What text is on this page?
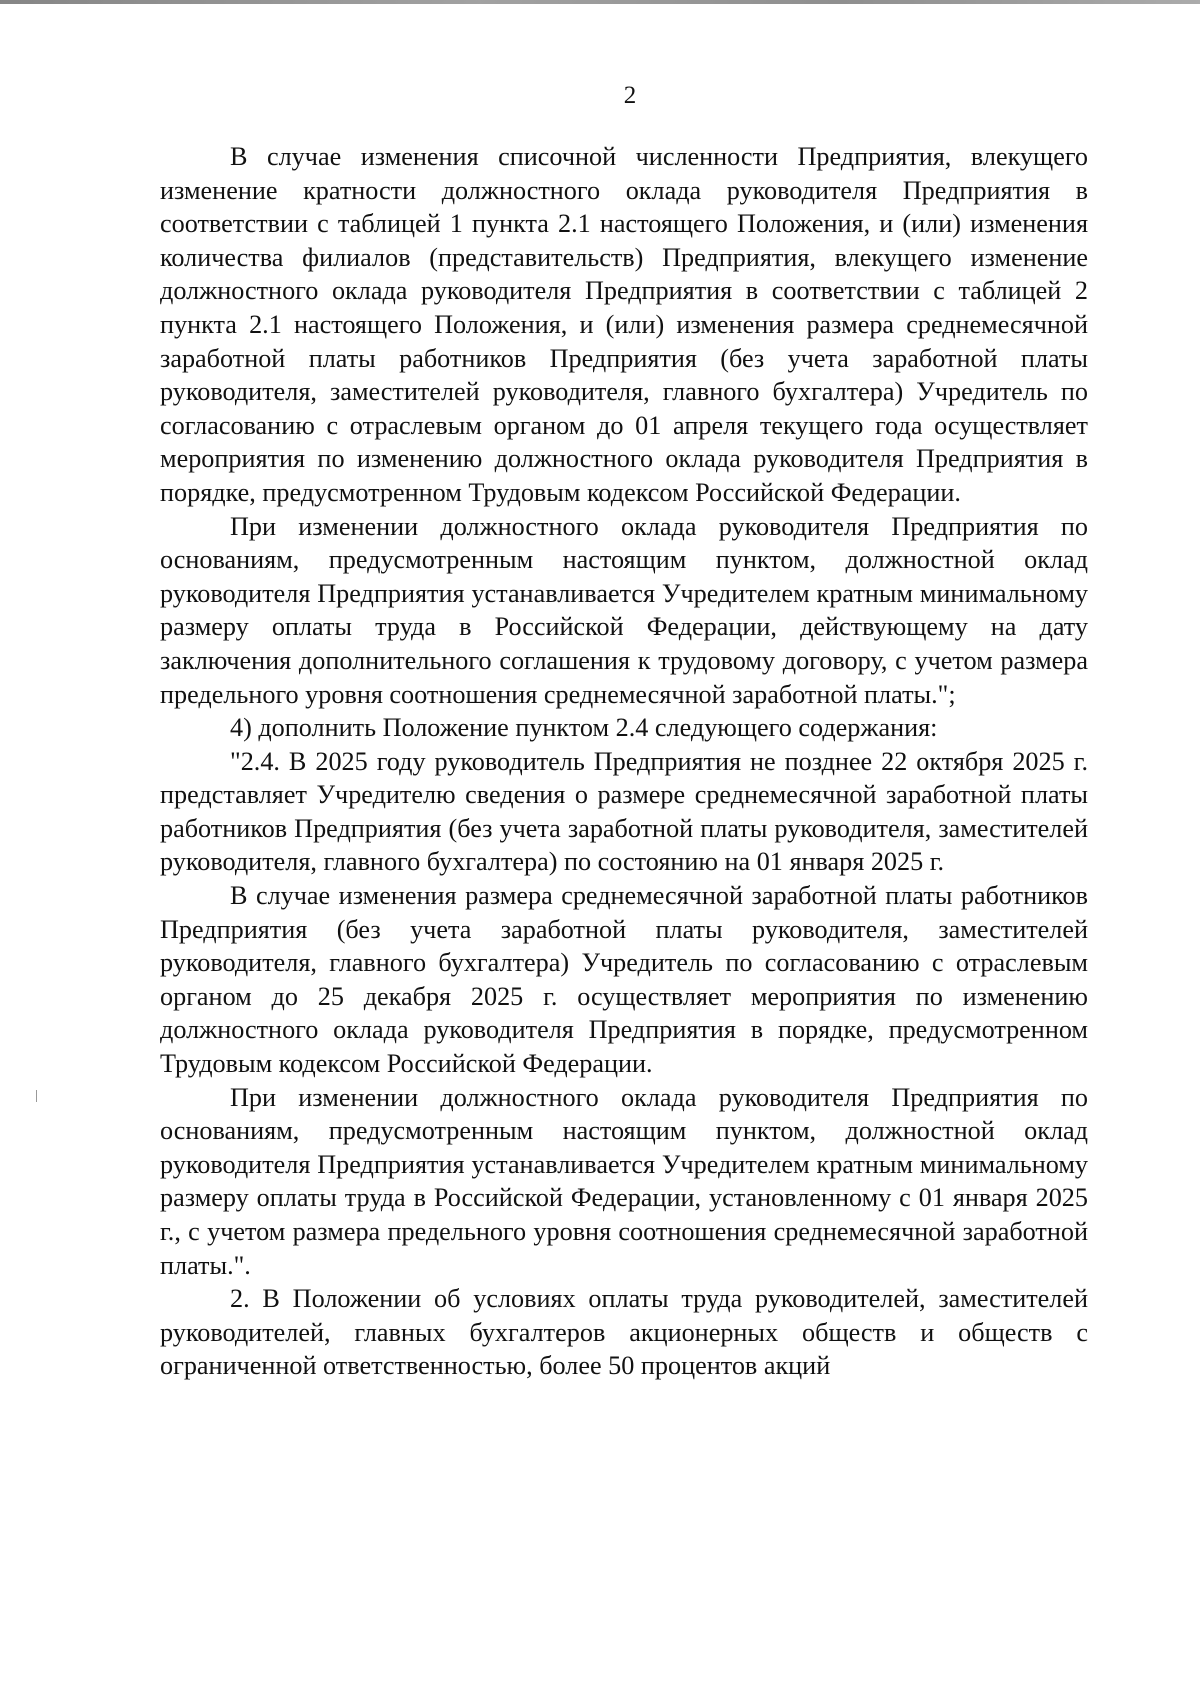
2

В случае изменения списочной численности Предприятия, влекущего изменение кратности должностного оклада руководителя Предприятия в соответствии с таблицей 1 пункта 2.1 настоящего Положения, и (или) изменения количества филиалов (представительств) Предприятия, влекущего изменение должностного оклада руководителя Предприятия в соответствии с таблицей 2 пункта 2.1 настоящего Положения, и (или) изменения размера среднемесячной заработной платы работников Предприятия (без учета заработной платы руководителя, заместителей руководителя, главного бухгалтера) Учредитель по согласованию с отраслевым органом до 01 апреля текущего года осуществляет мероприятия по изменению должностного оклада руководителя Предприятия в порядке, предусмотренном Трудовым кодексом Российской Федерации.

При изменении должностного оклада руководителя Предприятия по основаниям, предусмотренным настоящим пунктом, должностной оклад руководителя Предприятия устанавливается Учредителем кратным минимальному размеру оплаты труда в Российской Федерации, действующему на дату заключения дополнительного соглашения к трудовому договору, с учетом размера предельного уровня соотношения среднемесячной заработной платы.";

4) дополнить Положение пунктом 2.4 следующего содержания:

"2.4. В 2025 году руководитель Предприятия не позднее 22 октября 2025 г. представляет Учредителю сведения о размере среднемесячной заработной платы работников Предприятия (без учета заработной платы руководителя, заместителей руководителя, главного бухгалтера) по состоянию на 01 января 2025 г.

В случае изменения размера среднемесячной заработной платы работников Предприятия (без учета заработной платы руководителя, заместителей руководителя, главного бухгалтера) Учредитель по согласованию с отраслевым органом до 25 декабря 2025 г. осуществляет мероприятия по изменению должностного оклада руководителя Предприятия в порядке, предусмотренном Трудовым кодексом Российской Федерации.

При изменении должностного оклада руководителя Предприятия по основаниям, предусмотренным настоящим пунктом, должностной оклад руководителя Предприятия устанавливается Учредителем кратным минимальному размеру оплаты труда в Российской Федерации, установленному с 01 января 2025 г., с учетом размера предельного уровня соотношения среднемесячной заработной платы.".

2. В Положении об условиях оплаты труда руководителей, заместителей руководителей, главных бухгалтеров акционерных обществ и обществ с ограниченной ответственностью, более 50 процентов акций
